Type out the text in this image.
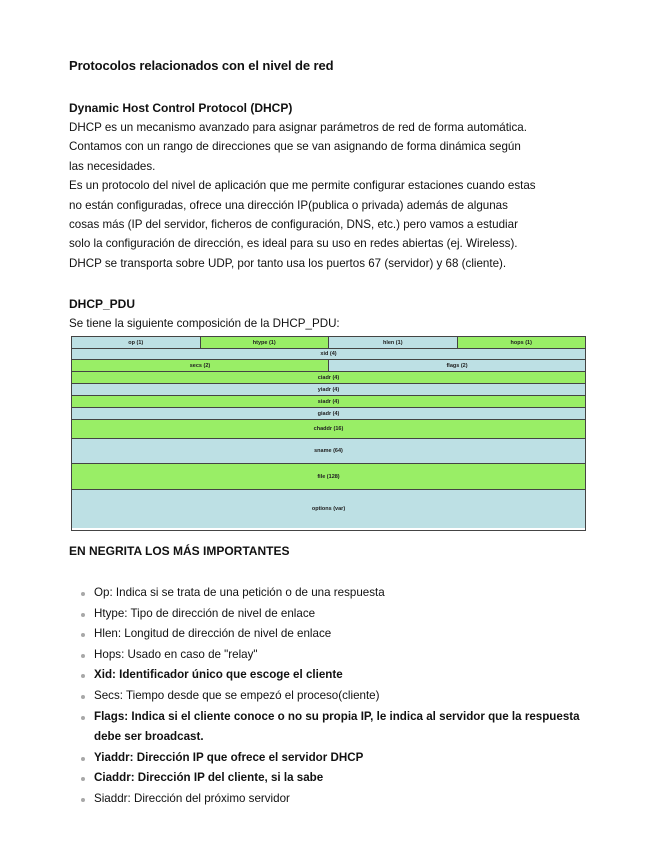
Protocolos relacionados con el nivel de red
Dynamic Host Control Protocol (DHCP)
DHCP es un mecanismo avanzado para asignar parámetros de red de forma automática.
Contamos con un rango de direcciones que se van asignando de forma dinámica según
las necesidades.
Es un protocolo del nivel de aplicación que me permite configurar estaciones cuando estas
no están configuradas, ofrece una dirección IP(publica o privada) además de algunas
cosas más (IP del servidor, ficheros de configuración, DNS, etc.) pero vamos a estudiar
solo la configuración de dirección, es ideal para su uso en redes abiertas (ej. Wireless).
DHCP se transporta sobre UDP, por tanto usa los puertos 67 (servidor) y 68 (cliente).
DHCP_PDU
Se tiene la siguiente composición de la DHCP_PDU:
op (1)	htype (1)	hlen (1)	hops (1)
xid (4)
secs (2)	flags (2)
ciadr (4)
yiadr (4)
siadr (4)
giadr (4)
chaddr (16)
sname (64)
file (128)
options (var)
EN NEGRITA LOS MÁS IMPORTANTES
Op: Indica si se trata de una petición o de una respuesta
Htype: Tipo de dirección de nivel de enlace
Hlen: Longitud de dirección de nivel de enlace
Hops: Usado en caso de "relay"
Xid: Identificador único que escoge el cliente
Secs: Tiempo desde que se empezó el proceso(cliente)
Flags: Indica si el cliente conoce o no su propia IP, le indica al servidor que la respuesta debe ser broadcast.
Yiaddr: Dirección IP que ofrece el servidor DHCP
Ciaddr: Dirección IP del cliente, si la sabe
Siaddr: Dirección del próximo servidor
